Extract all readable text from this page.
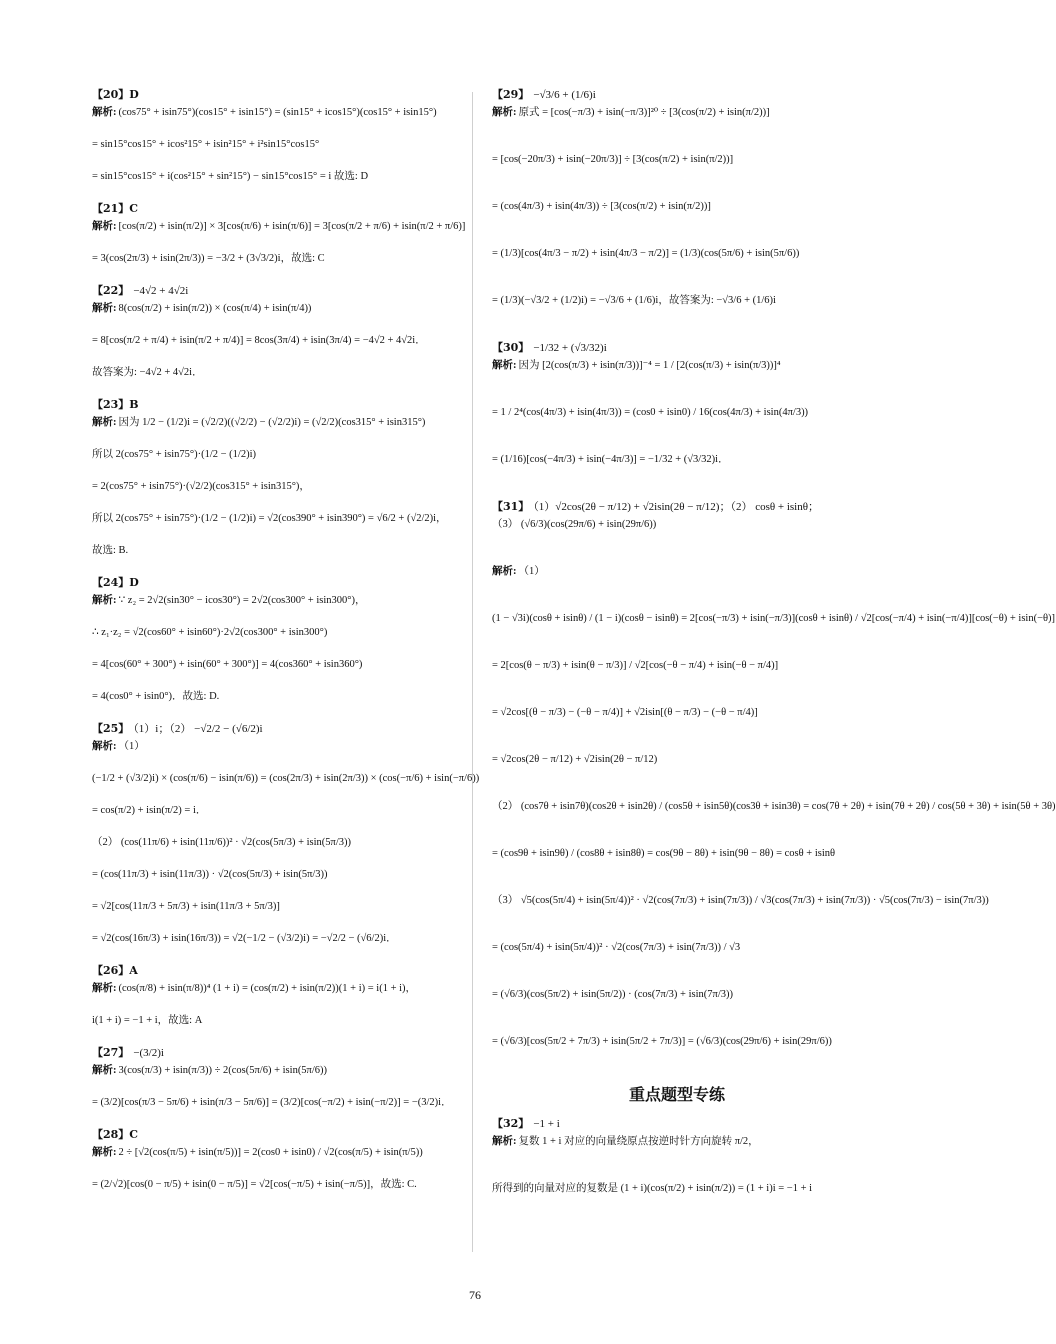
【20】D
解析: (cos75° + isin75°)(cos15° + isin15°) = (sin15° + icos15°)(cos15° + isin15°)
= sin15°cos15° + icos²15° + isin²15° + i²sin15°cos15°
= sin15°cos15° + i(cos²15° + sin²15°) − sin15°cos15° = i 故选: D
【21】C
解析: [cos(π/2) + isin(π/2)] × 3[cos(π/6) + isin(π/6)] = 3[cos(π/2 + π/6) + isin(π/2 + π/6)]
= 3(cos(2π/3) + isin(2π/3)) = −3/2 + (3√3/2)i，故选: C
【22】 −4√2 + 4√2i
解析: 8(cos(π/2) + isin(π/2)) × (cos(π/4) + isin(π/4))
= 8[cos(π/2 + π/4) + isin(π/2 + π/4)] = 8cos(3π/4) + isin(3π/4) = −4√2 + 4√2i．
故答案为: −4√2 + 4√2i．
【23】B
解析: 因为 1/2 − (1/2)i = (√2/2)((√2/2) − (√2/2)i) = (√2/2)(cos315° + isin315°)
所以 2(cos75° + isin75°)·(1/2 − (1/2)i)
= 2(cos75° + isin75°)·(√2/2)(cos315° + isin315°)，
所以 2(cos75° + isin75°)·(1/2 − (1/2)i) = √2(cos390° + isin390°) = √6/2 + (√2/2)i，
故选: B.
【24】D
解析: ∵ z₂ = 2√2(sin30° − icos30°) = 2√2(cos300° + isin300°)，
∴ z₁·z₂ = √2(cos60° + isin60°)·2√2(cos300° + isin300°)
= 4[cos(60° + 300°) + isin(60° + 300°)] = 4(cos360° + isin360°)
= 4(cos0° + isin0°)．故选: D.
【25】 （1）i；（2） −√2/2 − (√6/2)i
解析: （1）
(−1/2 + (√3/2)i) × (cos(π/6) − isin(π/6)) = (cos(2π/3) + isin(2π/3)) × (cos(−π/6) + isin(−π/6))
= cos(π/2) + isin(π/2) = i．
（2） (cos(11π/6) + isin(11π/6))² · √2(cos(5π/3) + isin(5π/3))
= (cos(11π/3) + isin(11π/3)) · √2(cos(5π/3) + isin(5π/3))
= √2[cos(11π/3 + 5π/3) + isin(11π/3 + 5π/3)]
= √2(cos(16π/3) + isin(16π/3)) = √2(−1/2 − (√3/2)i) = −√2/2 − (√6/2)i．
【26】A
解析: (cos(π/8) + isin(π/8))⁴ (1 + i) = (cos(π/2) + isin(π/2))(1 + i) = i(1 + i)，
i(1 + i) = −1 + i，故选: A
【27】 −(3/2)i
解析: 3(cos(π/3) + isin(π/3)) ÷ 2(cos(5π/6) + isin(5π/6))
= (3/2)[cos(π/3 − 5π/6) + isin(π/3 − 5π/6)] = (3/2)[cos(−π/2) + isin(−π/2)] = −(3/2)i．
【28】C
解析: 2 ÷ [√2(cos(π/5) + isin(π/5))] = 2(cos0 + isin0) / √2(cos(π/5) + isin(π/5))
= (2/√2)[cos(0 − π/5) + isin(0 − π/5)] = √2[cos(−π/5) + isin(−π/5)]，故选: C.
【29】 −√3/6 + (1/6)i
解析: 原式 = [cos(−π/3) + isin(−π/3)]²⁰ ÷ [3(cos(π/2) + isin(π/2))]
= [cos(−20π/3) + isin(−20π/3)] ÷ [3(cos(π/2) + isin(π/2))]
= (cos(4π/3) + isin(4π/3)) ÷ [3(cos(π/2) + isin(π/2))]
= (1/3)[cos(4π/3 − π/2) + isin(4π/3 − π/2)] = (1/3)(cos(5π/6) + isin(5π/6))
= (1/3)(−√3/2 + (1/2)i) = −√3/6 + (1/6)i，故答案为: −√3/6 + (1/6)i
【30】 −1/32 + (√3/32)i
解析: 因为 [2(cos(π/3) + isin(π/3))]⁻⁴ = 1 / [2(cos(π/3) + isin(π/3))]⁴
= 1 / 2⁴(cos(4π/3) + isin(4π/3)) = (cos0 + isin0) / 16(cos(4π/3) + isin(4π/3))
= (1/16)[cos(−4π/3) + isin(−4π/3)] = −1/32 + (√3/32)i．
【31】 （1）√2cos(2θ − π/12) + √2isin(2θ − π/12)；（2） cosθ + isinθ；
（3） (√6/3)(cos(29π/6) + isin(29π/6))
解析: （1）
(1 − √3i)(cosθ + isinθ) / (1 − i)(cosθ − isinθ) = 2[cos(−π/3) + isin(−π/3)](cosθ + isinθ) / √2[cos(−π/4) + isin(−π/4)][cos(−θ) + isin(−θ)]
= 2[cos(θ − π/3) + isin(θ − π/3)] / √2[cos(−θ − π/4) + isin(−θ − π/4)]
= √2cos[(θ − π/3) − (−θ − π/4)] + √2isin[(θ − π/3) − (−θ − π/4)]
= √2cos(2θ − π/12) + √2isin(2θ − π/12)
（2） (cos7θ + isin7θ)(cos2θ + isin2θ) / (cos5θ + isin5θ)(cos3θ + isin3θ) = cos(7θ + 2θ) + isin(7θ + 2θ) / cos(5θ + 3θ) + isin(5θ + 3θ)
= (cos9θ + isin9θ) / (cos8θ + isin8θ) = cos(9θ − 8θ) + isin(9θ − 8θ) = cosθ + isinθ
（3） √5(cos(5π/4) + isin(5π/4))² · √2(cos(7π/3) + isin(7π/3)) / √3(cos(7π/3) + isin(7π/3)) · √5(cos(7π/3) − isin(7π/3))
= (cos(5π/4) + isin(5π/4))² · √2(cos(7π/3) + isin(7π/3)) / √3
= (√6/3)(cos(5π/2) + isin(5π/2)) · (cos(7π/3) + isin(7π/3))
= (√6/3)[cos(5π/2 + 7π/3) + isin(5π/2 + 7π/3)] = (√6/3)(cos(29π/6) + isin(29π/6))
重点题型专练
【32】 −1 + i
解析: 复数 1 + i 对应的向量绕原点按逆时针方向旋转 π/2，
所得到的向量对应的复数是 (1 + i)(cos(π/2) + isin(π/2)) = (1 + i)i = −1 + i
76
